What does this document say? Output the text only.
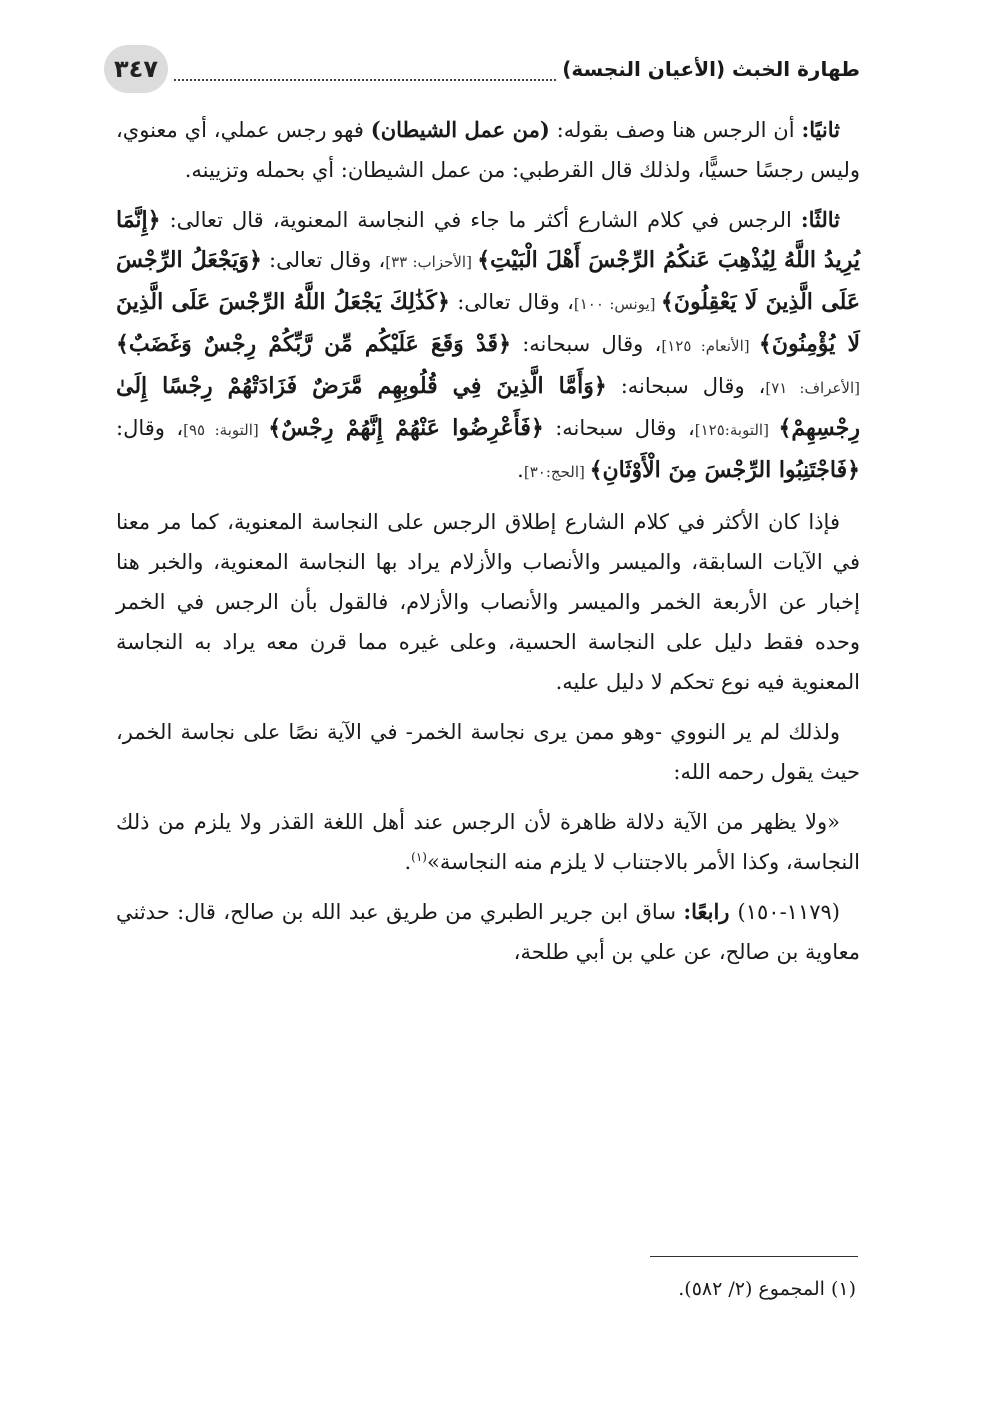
٣٤٧	طهارة الخبث (الأعيان النجسة)

ثانيًا: أن الرجس هنا وصف بقوله: (من عمل الشيطان) فهو رجس عملي، أي معنوي، وليس رجسًا حسيًّا، ولذلك قال القرطبي: من عمل الشيطان: أي بحمله وتزيينه.

ثالثًا: الرجس في كلام الشارع أكثر ما جاء في النجاسة المعنوية، قال تعالى: ﴿إِنَّمَا يُرِيدُ اللَّهُ لِيُذْهِبَ عَنكُمُ الرِّجْسَ أَهْلَ الْبَيْتِ﴾ [الأحزاب: ٣٣]، وقال تعالى: ﴿وَيَجْعَلُ الرِّجْسَ عَلَى الَّذِينَ لَا يَعْقِلُونَ﴾ [يونس: ١٠٠]، وقال تعالى: ﴿كَذَٰلِكَ يَجْعَلُ اللَّهُ الرِّجْسَ عَلَى الَّذِينَ لَا يُؤْمِنُونَ﴾ [الأنعام: ١٢٥]، وقال سبحانه: ﴿قَدْ وَقَعَ عَلَيْكُم مِّن رَّبِّكُمْ رِجْسٌ وَغَضَبٌ﴾ [الأعراف: ٧١]، وقال سبحانه: ﴿وَأَمَّا الَّذِينَ فِي قُلُوبِهِم مَّرَضٌ فَزَادَتْهُمْ رِجْسًا إِلَىٰ رِجْسِهِمْ﴾ [التوبة:١٢٥]، وقال سبحانه: ﴿فَأَعْرِضُوا عَنْهُمْ إِنَّهُمْ رِجْسٌ﴾ [التوبة: ٩٥]، وقال: ﴿فَاجْتَنِبُوا الرِّجْسَ مِنَ الْأَوْثَانِ﴾ [الحج:٣٠].

فإذا كان الأكثر في كلام الشارع إطلاق الرجس على النجاسة المعنوية، كما مر معنا في الآيات السابقة، والميسر والأنصاب والأزلام يراد بها النجاسة المعنوية، والخبر هنا إخبار عن الأربعة الخمر والميسر والأنصاب والأزلام، فالقول بأن الرجس في الخمر وحده فقط دليل على النجاسة الحسية، وعلى غيره مما قرن معه يراد به النجاسة المعنوية فيه نوع تحكم لا دليل عليه.

ولذلك لم ير النووي -وهو ممن يرى نجاسة الخمر- في الآية نصًا على نجاسة الخمر، حيث يقول رحمه الله:

«ولا يظهر من الآية دلالة ظاهرة لأن الرجس عند أهل اللغة القذر ولا يلزم من ذلك النجاسة، وكذا الأمر بالاجتناب لا يلزم منه النجاسة»$^{(١)}$.

(١١٧٩-١٥٠) رابعًا: ساق ابن جرير الطبري من طريق عبد الله بن صالح، قال: حدثني معاوية بن صالح، عن علي بن أبي طلحة،

(١) المجموع (٢/ ٥٨٢).
